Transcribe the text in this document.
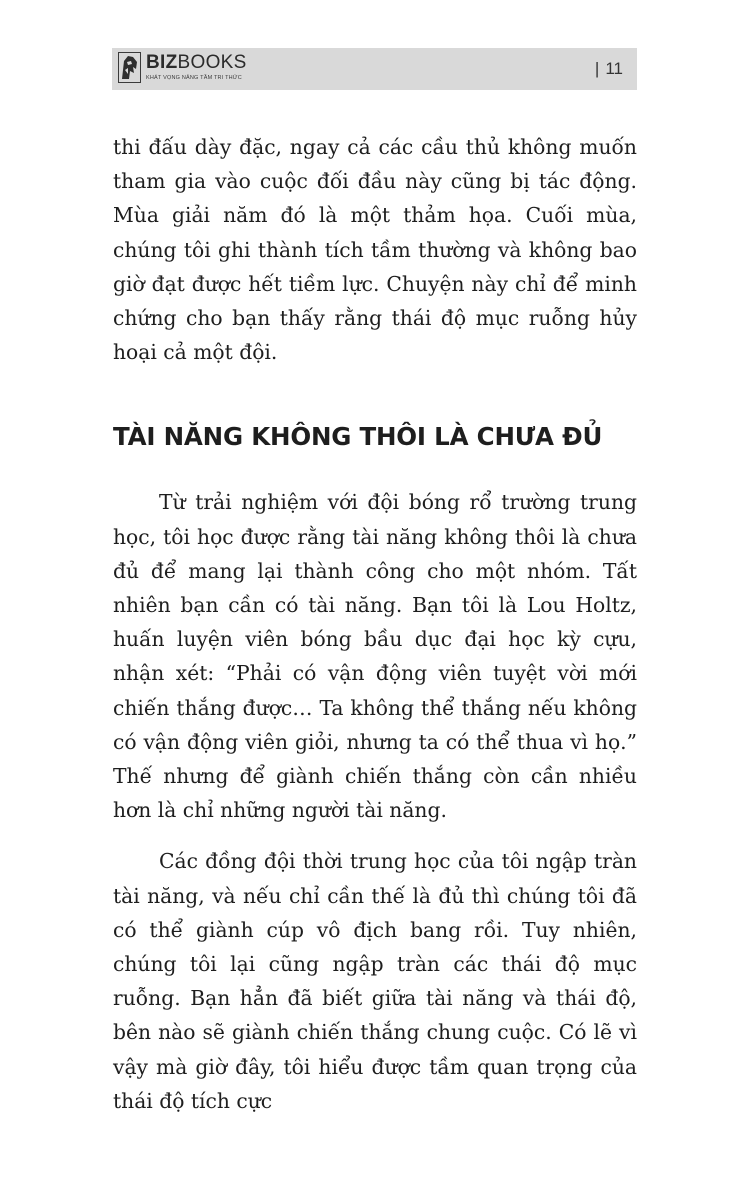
BIZBOOKS
KHÁT VỌNG NÂNG TẦM TRI THỨC	| 11

thi đấu dày đặc, ngay cả các cầu thủ không muốn tham gia vào cuộc đối đầu này cũng bị tác động. Mùa giải năm đó là một thảm họa. Cuối mùa, chúng tôi ghi thành tích tầm thường và không bao giờ đạt được hết tiềm lực. Chuyện này chỉ để minh chứng cho bạn thấy rằng thái độ mục ruỗng hủy hoại cả một đội.

TÀI NĂNG KHÔNG THÔI LÀ CHƯA ĐỦ

Từ trải nghiệm với đội bóng rổ trường trung học, tôi học được rằng tài năng không thôi là chưa đủ để mang lại thành công cho một nhóm. Tất nhiên bạn cần có tài năng. Bạn tôi là Lou Holtz, huấn luyện viên bóng bầu dục đại học kỳ cựu, nhận xét: “Phải có vận động viên tuyệt vời mới chiến thắng được… Ta không thể thắng nếu không có vận động viên giỏi, nhưng ta có thể thua vì họ.” Thế nhưng để giành chiến thắng còn cần nhiều hơn là chỉ những người tài năng.

Các đồng đội thời trung học của tôi ngập tràn tài năng, và nếu chỉ cần thế là đủ thì chúng tôi đã có thể giành cúp vô địch bang rồi. Tuy nhiên, chúng tôi lại cũng ngập tràn các thái độ mục ruỗng. Bạn hẳn đã biết giữa tài năng và thái độ, bên nào sẽ giành chiến thắng chung cuộc. Có lẽ vì vậy mà giờ đây, tôi hiểu được tầm quan trọng của thái độ tích cực
